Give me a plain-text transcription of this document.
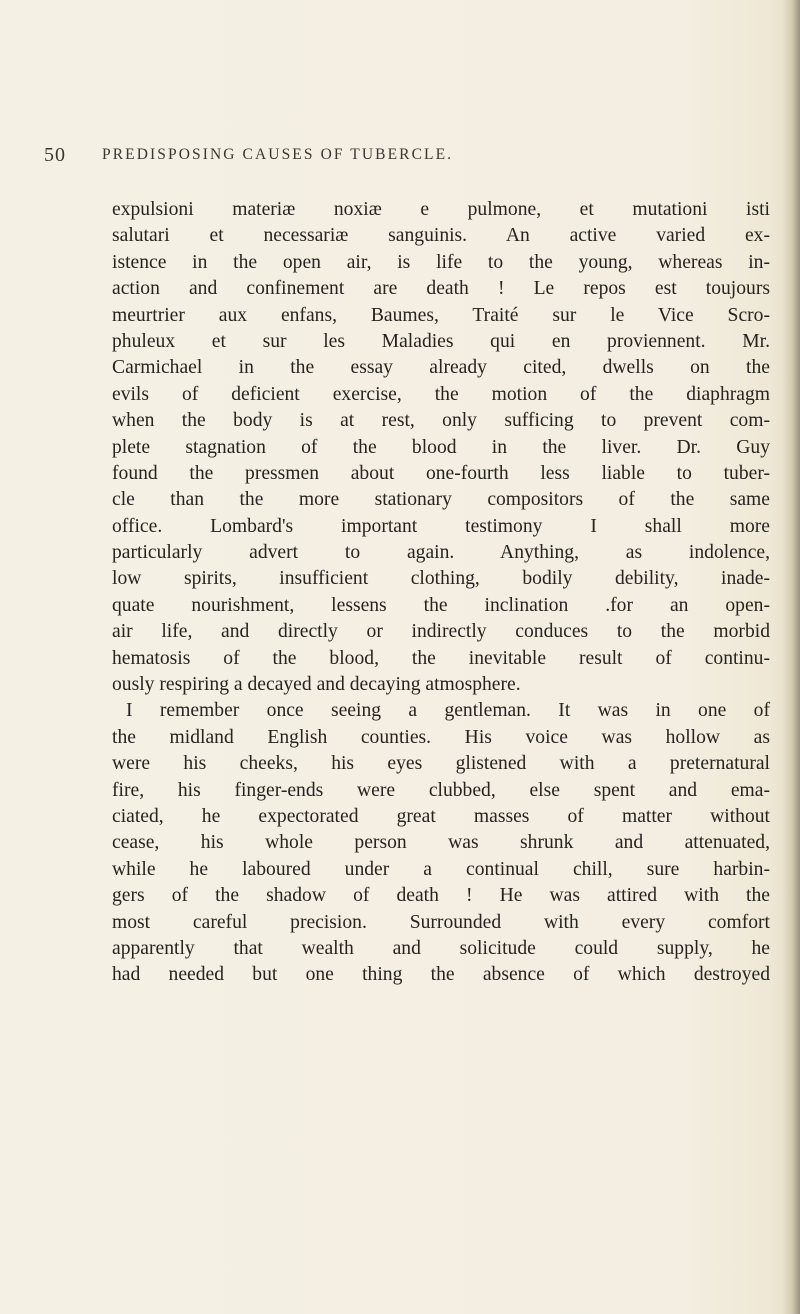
50 PREDISPOSING CAUSES OF TUBERCLE.
expulsioni materiæ noxiæ e pulmone, et mutationi isti
salutari et necessariæ sanguinis. An active varied ex-
istence in the open air, is life to the young, whereas in-
action and confinement are death ! Le repos est toujours
meurtrier aux enfans, Baumes, Traité sur le Vice Scro-
phuleux et sur les Maladies qui en proviennent. Mr.
Carmichael in the essay already cited, dwells on the
evils of deficient exercise, the motion of the diaphragm
when the body is at rest, only sufficing to prevent com-
plete stagnation of the blood in the liver. Dr. Guy
found the pressmen about one-fourth less liable to tuber-
cle than the more stationary compositors of the same
office. Lombard's important testimony I shall more
particularly advert to again. Anything, as indolence,
low spirits, insufficient clothing, bodily debility, inade-
quate nourishment, lessens the inclination .for an open-
air life, and directly or indirectly conduces to the morbid
hematosis of the blood, the inevitable result of continu-
ously respiring a decayed and decaying atmosphere.
I remember once seeing a gentleman. It was in one of
the midland English counties. His voice was hollow as
were his cheeks, his eyes glistened with a preternatural
fire, his finger-ends were clubbed, else spent and ema-
ciated, he expectorated great masses of matter without
cease, his whole person was shrunk and attenuated,
while he laboured under a continual chill, sure harbin-
gers of the shadow of death ! He was attired with the
most careful precision. Surrounded with every comfort
apparently that wealth and solicitude could supply, he
had needed but one thing the absence of which destroyed
